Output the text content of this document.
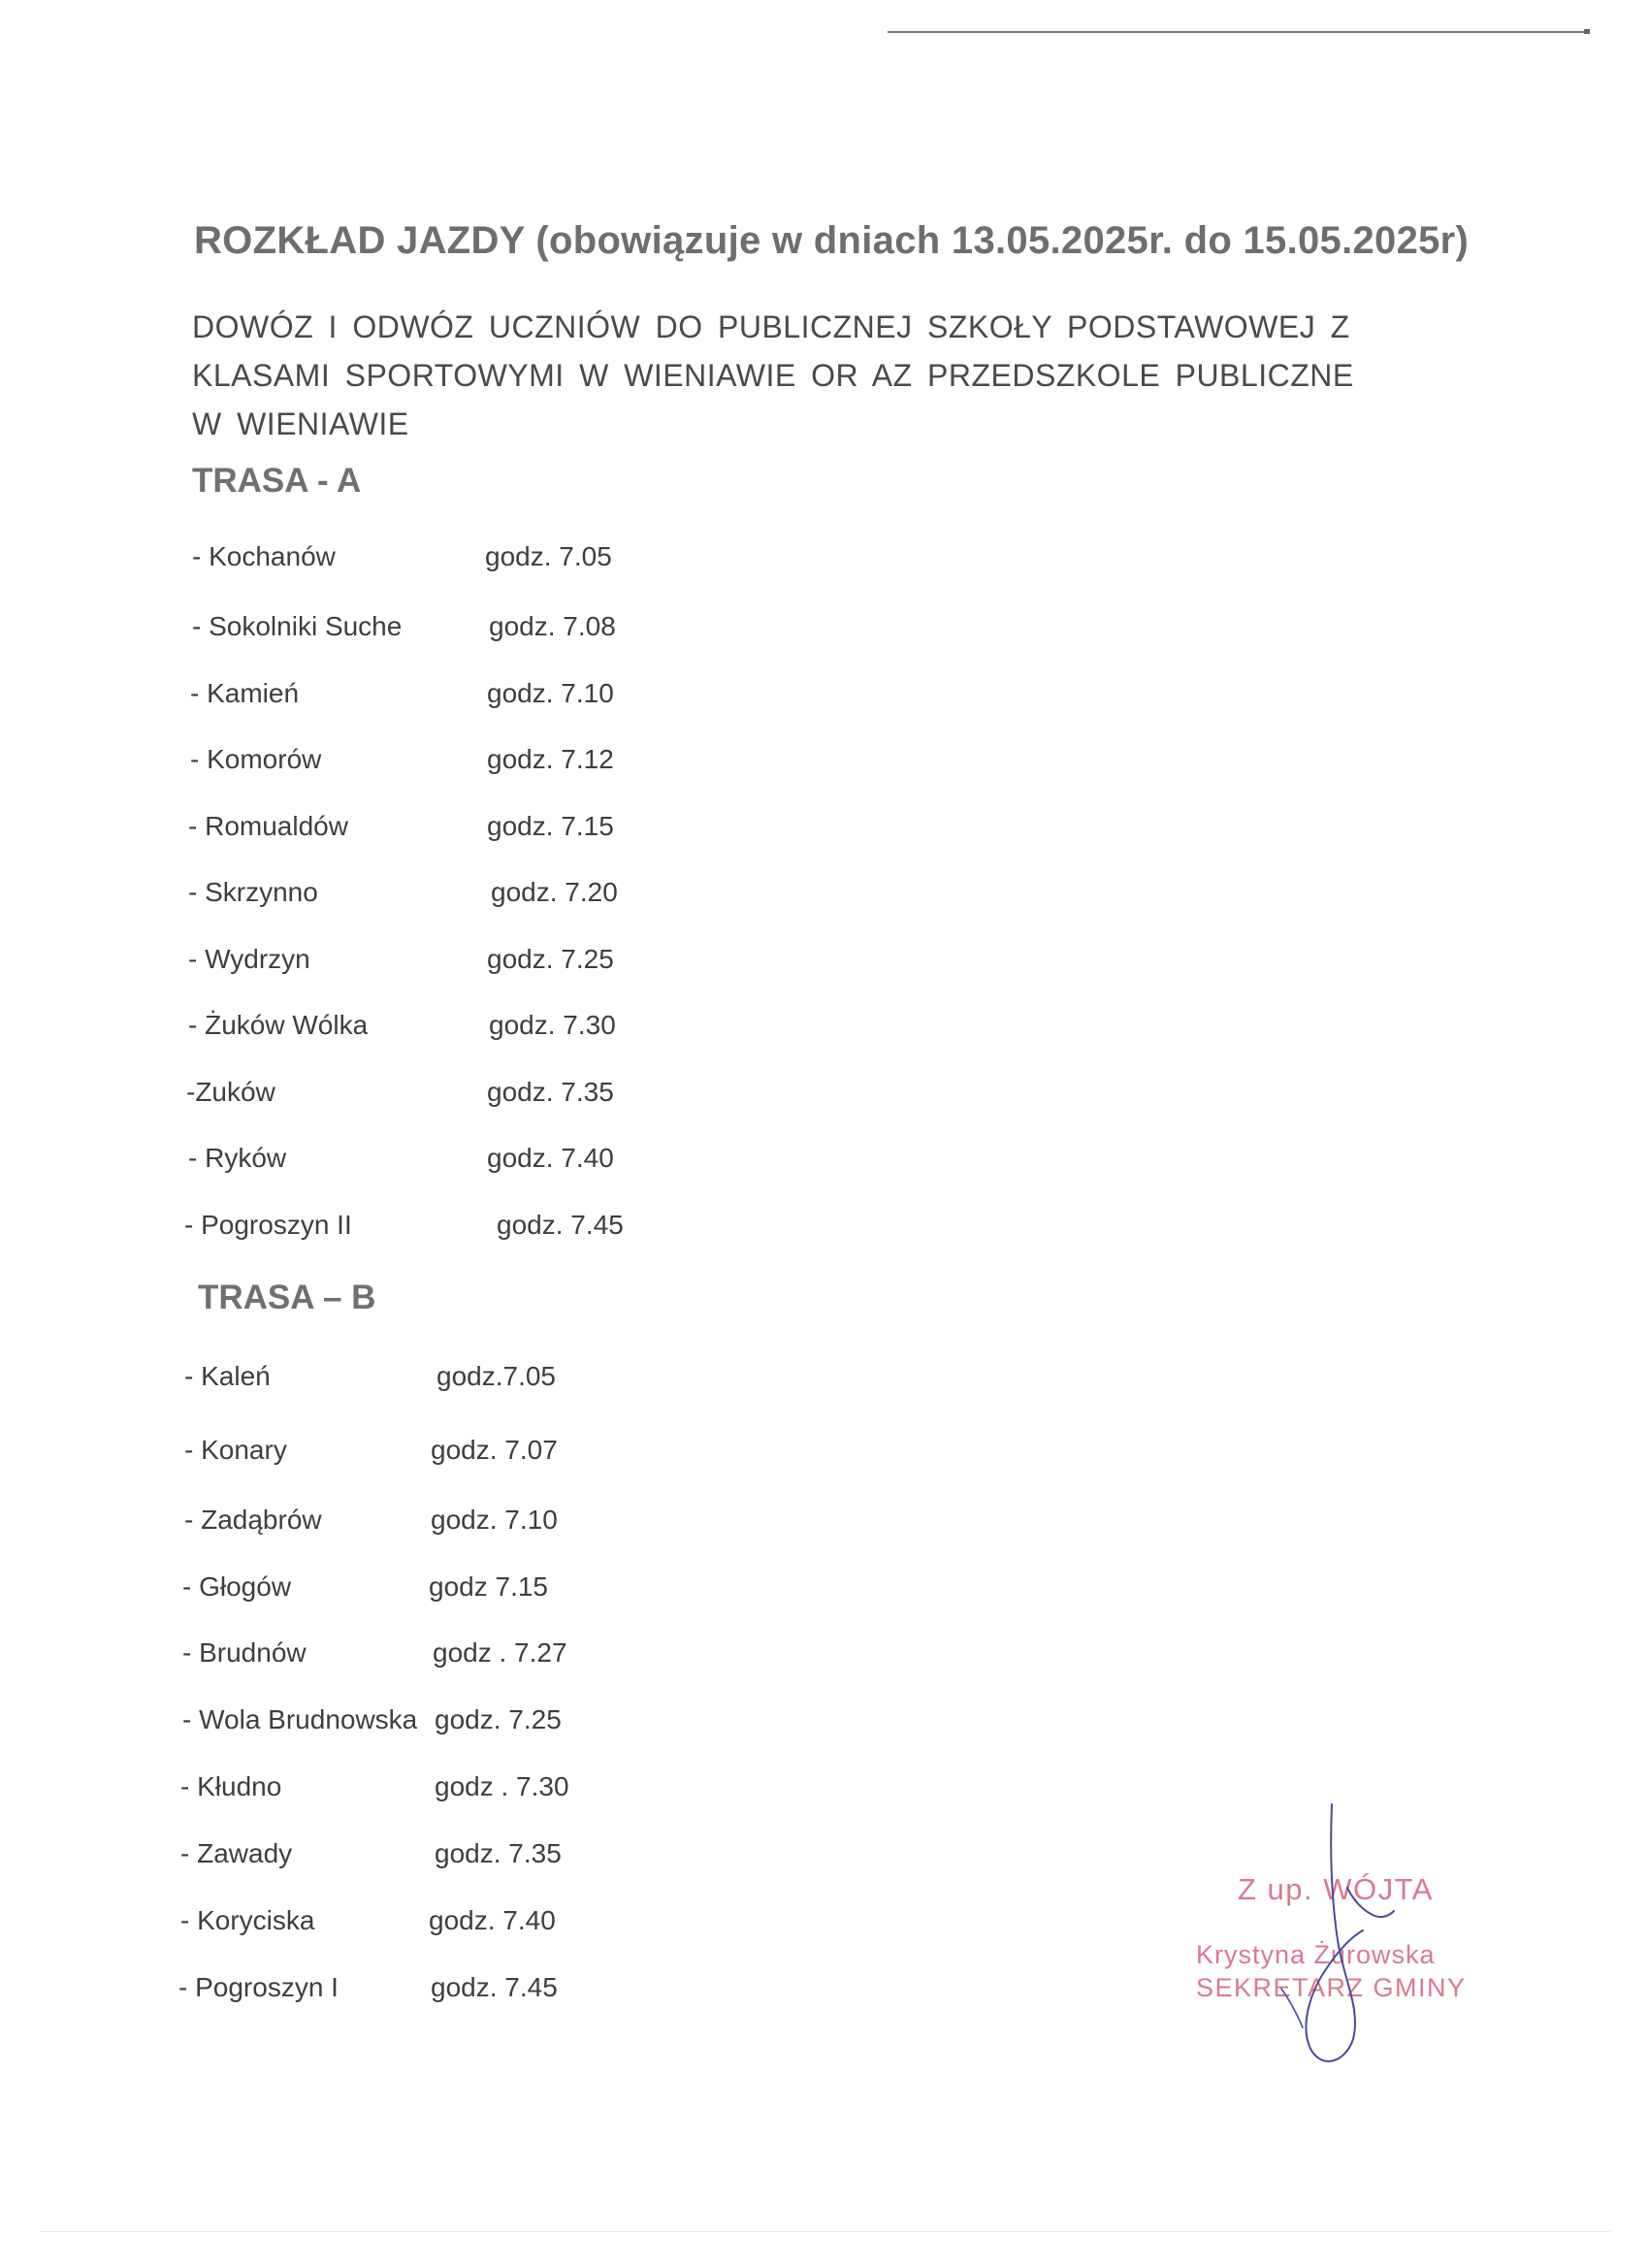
ROZKŁAD JAZDY (obowiązuje w dniach 13.05.2025r. do 15.05.2025r)
DOWÓZ I ODWÓZ UCZNIÓW DO PUBLICZNEJ SZKOŁY PODSTAWOWEJ Z
KLASAMI SPORTOWYMI W WIENIAWIE OR AZ PRZEDSZKOLE PUBLICZNE
W WIENIAWIE
TRASA - A
- Kochanów	godz. 7.05
- Sokolniki Suche	godz. 7.08
- Kamień	godz. 7.10
- Komorów	godz. 7.12
- Romualdów	godz. 7.15
- Skrzynno	godz. 7.20
- Wydrzyn	godz. 7.25
- Żuków Wólka	godz. 7.30
-Zuków	godz. 7.35
- Ryków	godz. 7.40
- Pogroszyn II	godz. 7.45
TRASA – B
- Kaleń	godz.7.05
- Konary	godz. 7.07
- Zadąbrów	godz. 7.10
- Głogów	godz 7.15
- Brudnów	godz . 7.27
- Wola Brudnowska godz. 7.25
- Kłudno	godz . 7.30
- Zawady	godz. 7.35
- Koryciska	godz. 7.40
- Pogroszyn I	godz. 7.45
Z up. WÓJTA
Krystyna Żurowska
SEKRETARZ GMINY
